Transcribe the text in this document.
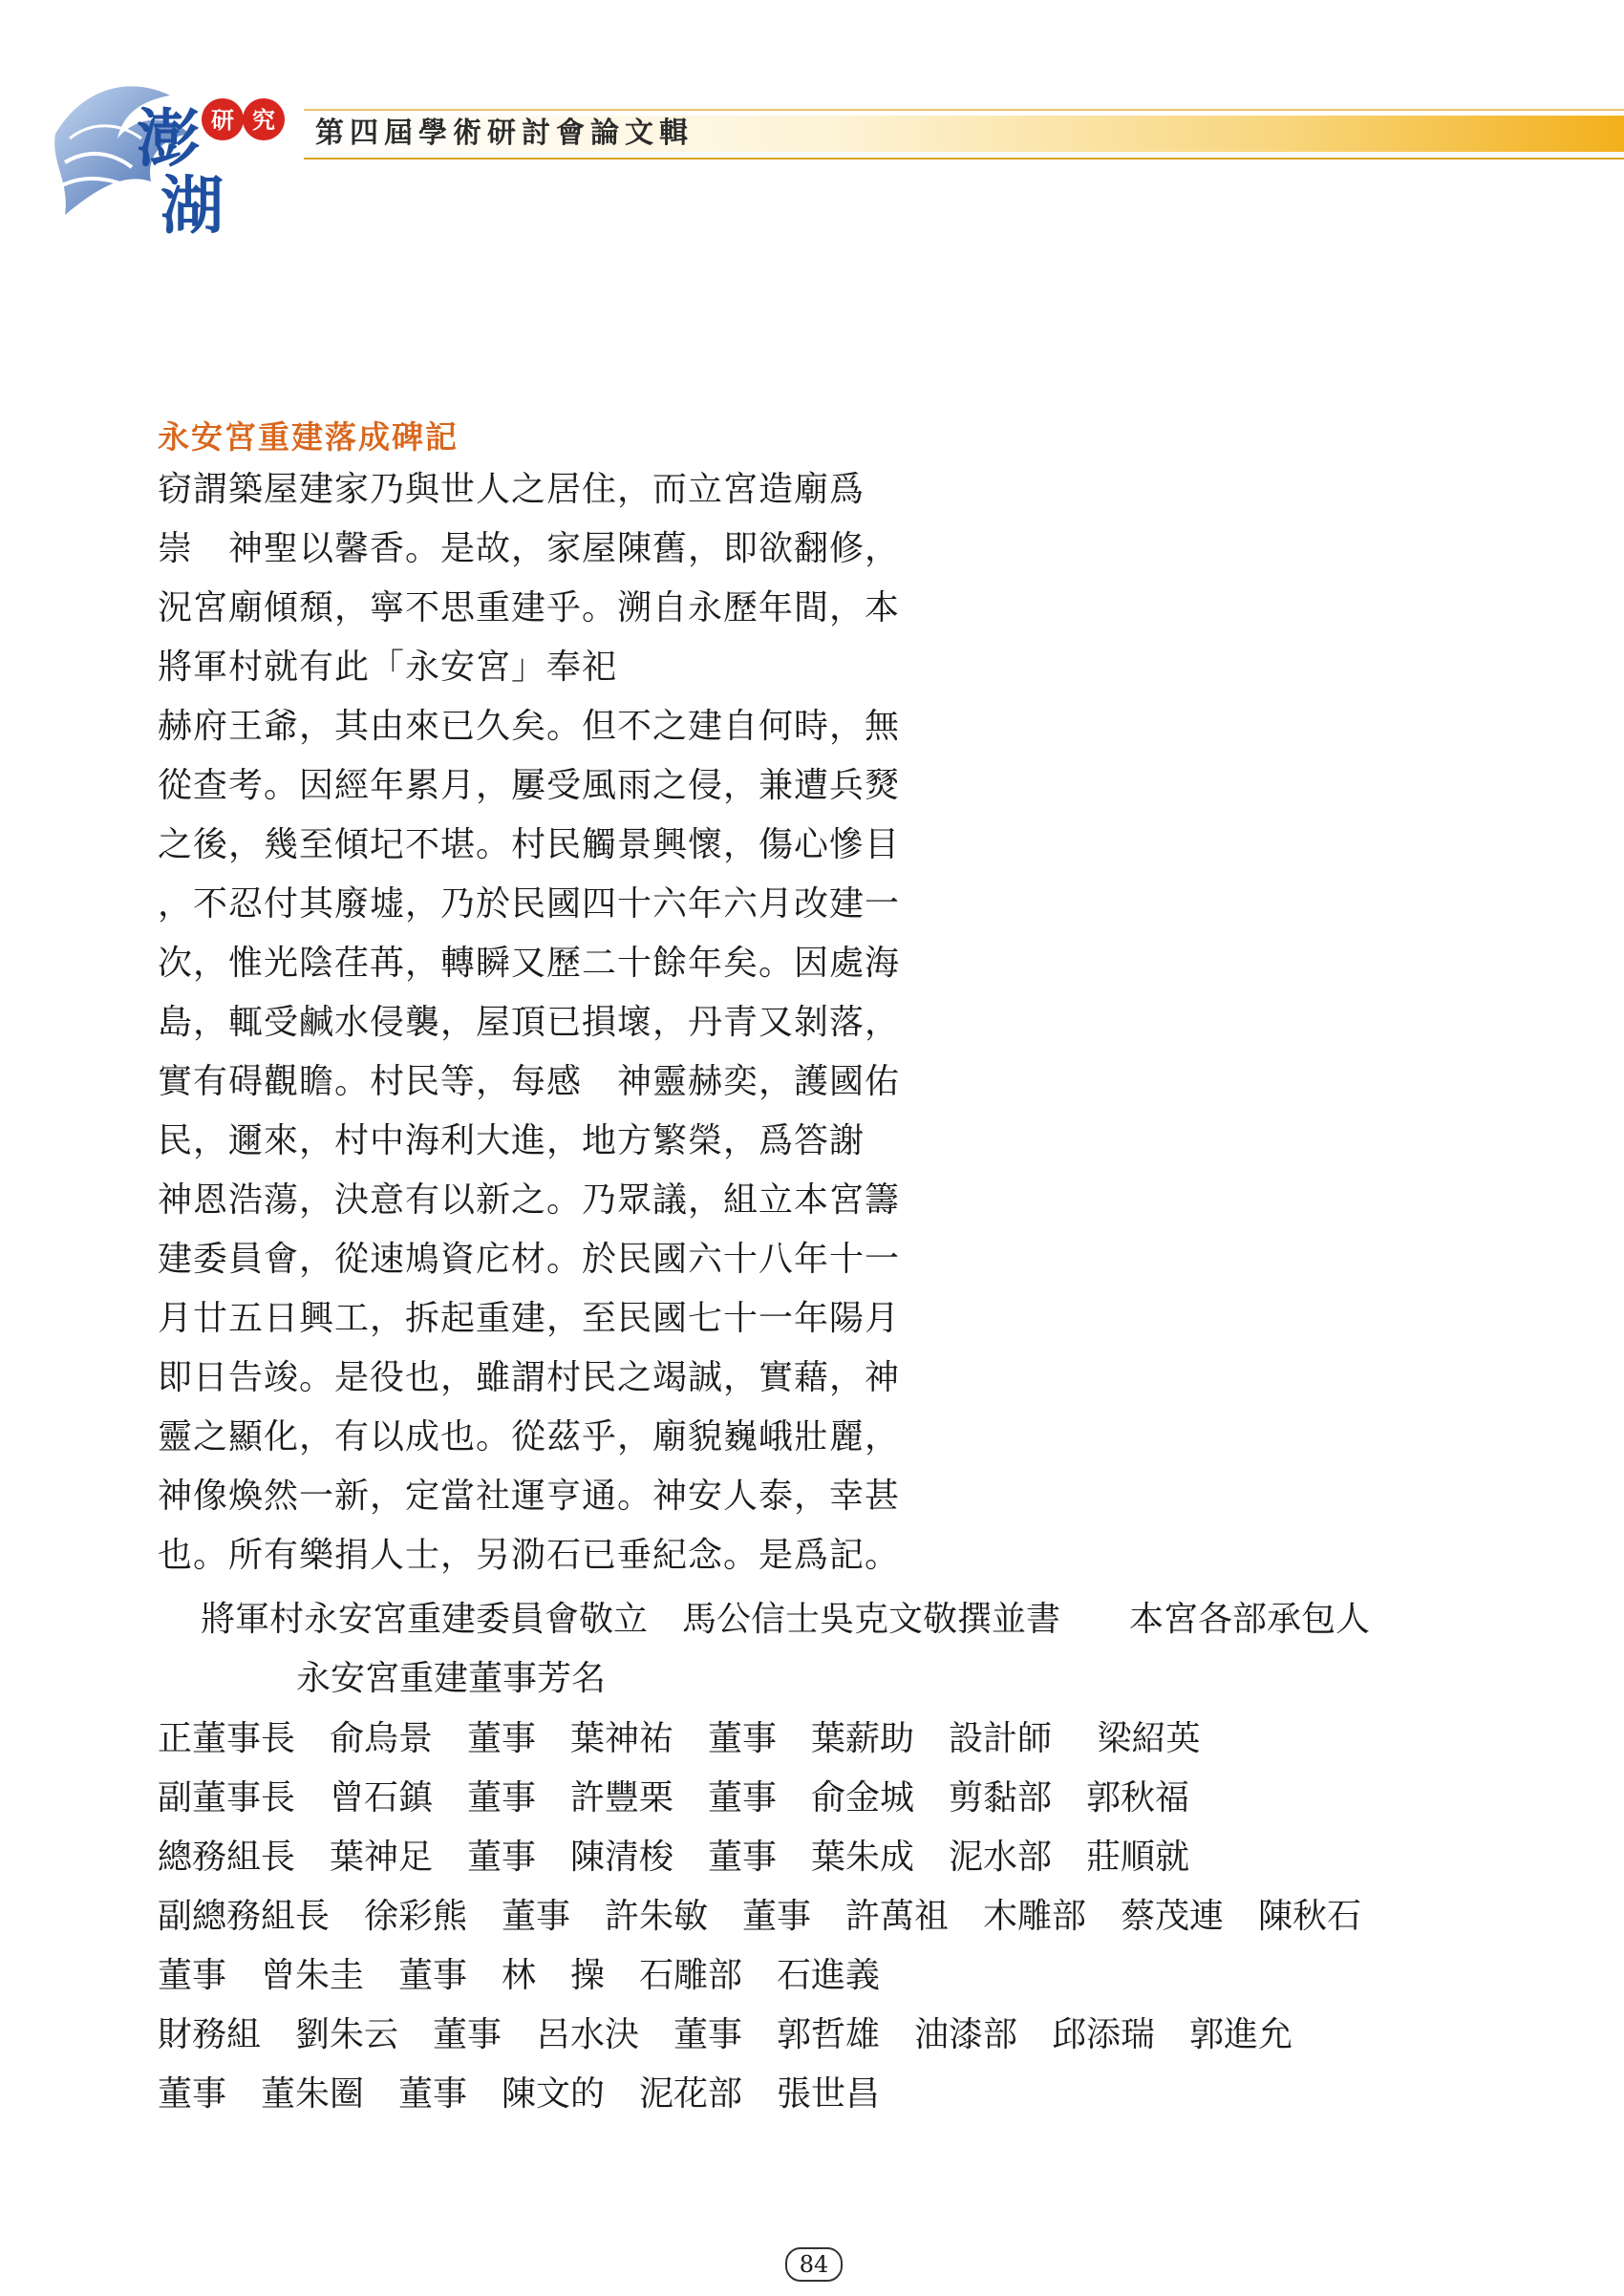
澎
湖
研 究 第四屆學術研討會論文輯
永安宮重建落成碑記
窃謂築屋建家乃與世人之居住，而立宮造廟爲
崇　神聖以馨香。是故，家屋陳舊，即欲翻修，
況宮廟傾頹，寧不思重建乎。溯自永歷年間，本
將軍村就有此「永安宮」奉祀
赫府王爺，其由來已久矣。但不之建自何時，無
從查考。因經年累月，屢受風雨之侵，兼遭兵燹
之後，幾至傾圮不堪。村民觸景興懷，傷心慘目
，不忍付其廢墟，乃於民國四十六年六月改建一
次，惟光陰荏苒，轉瞬又歷二十餘年矣。因處海
島，輒受鹹水侵襲，屋頂已損壞，丹青又剝落，
實有碍觀瞻。村民等，每感　神靈赫奕，護國佑
民，邇來，村中海利大進，地方繁榮，爲答謝
神恩浩蕩，決意有以新之。乃眾議，組立本宮籌
建委員會，從速鳩資庀材。於民國六十八年十一
月廿五日興工，拆起重建，至民國七十一年陽月
即日告竣。是役也，雖謂村民之竭誠，實藉，神
靈之顯化，有以成也。從茲乎，廟貌巍峨壯麗，
神像煥然一新，定當社運亨通。神安人泰，幸甚
也。所有樂捐人士，另泐石已垂紀念。是爲記。
將軍村永安宮重建委員會敬立　馬公信士吳克文敬撰並書　　本宮各部承包人
永安宮重建董事芳名
正董事長　俞烏景　董事　葉神祐　董事　葉薪助　設計師　 梁紹英
副董事長　曾石鎮　董事　許豐栗　董事　俞金城　剪黏部　郭秋福
總務組長　葉神足　董事　陳清梭　董事　葉朱成　泥水部　莊順就
副總務組長　徐彩熊　董事　許朱敏　董事　許萬祖　木雕部　蔡茂連　陳秋石
董事　曾朱圭　董事　林　操　石雕部　石進義
財務組　劉朱云　董事　呂水決　董事　郭哲雄　油漆部　邱添瑞　郭進允
董事　董朱圈　董事　陳文的　泥花部　張世昌
84
